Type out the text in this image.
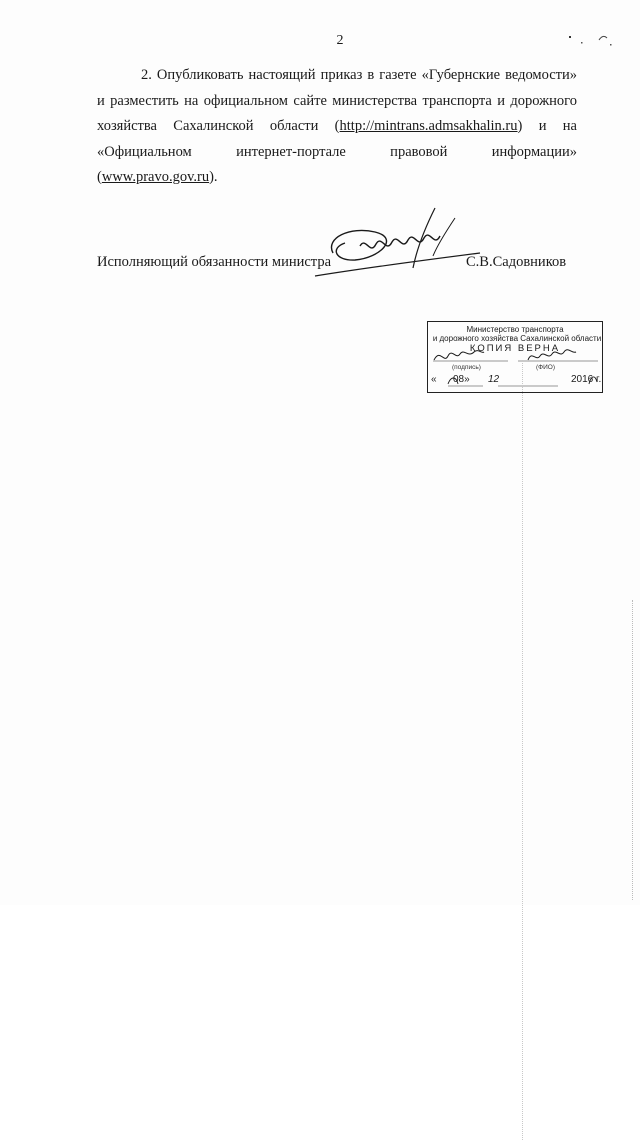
2

2. Опубликовать настоящий приказ в газете «Губернские ведомости» и разместить на официальном сайте министерства транспорта и дорожного хозяйства Сахалинской области (http://mintrans.admsakhalin.ru) и на «Официальном интернет-портале правовой информации» (www.pravo.gov.ru).

Исполняющий обязанности министра	С.В.Садовников
Министерство транспорта
и дорожного хозяйства Сахалинской области
КОПИЯ ВЕРНА
(подпись)	(ФИО)
« 08» 12	2016 г.
